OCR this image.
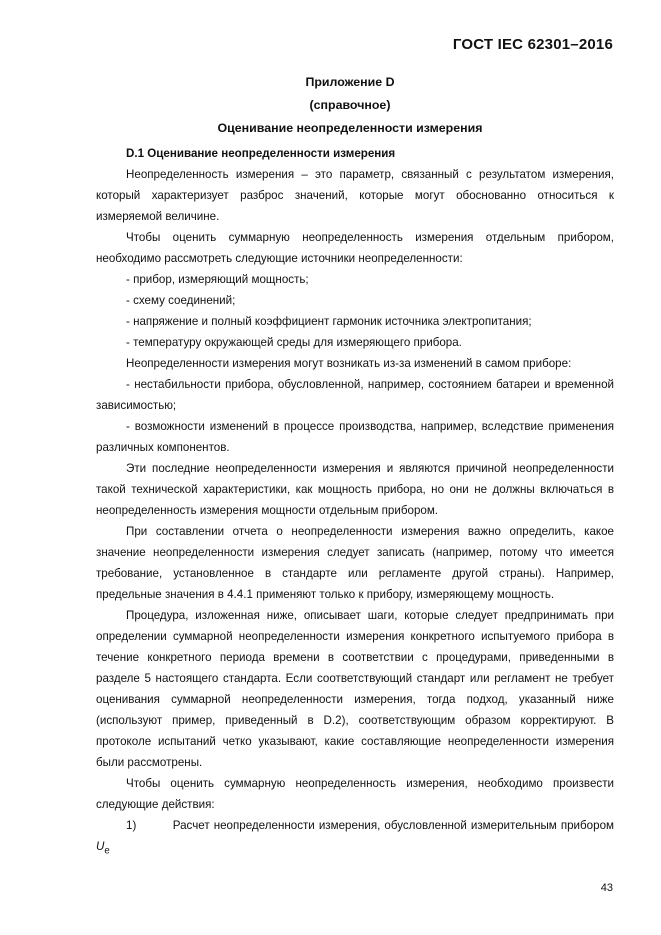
ГОСТ IEC 62301–2016
Приложение D
(справочное)
Оценивание неопределенности измерения

D.1 Оценивание неопределенности измерения

Неопределенность измерения – это параметр, связанный с результатом измерения, который характеризует разброс значений, которые могут обоснованно относиться к измеряемой величине.

Чтобы оценить суммарную неопределенность измерения отдельным прибором, необходимо рассмотреть следующие источники неопределенности:

- прибор, измеряющий мощность;

- схему соединений;

- напряжение и полный коэффициент гармоник источника электропитания;

- температуру окружающей среды для измеряющего прибора.

Неопределенности измерения могут возникать из-за изменений в самом приборе:

- нестабильности прибора, обусловленной, например, состоянием батареи и временной зависимостью;

- возможности изменений в процессе производства, например, вследствие применения различных компонентов.

Эти последние неопределенности измерения и являются причиной неопределенности такой технической характеристики, как мощность прибора, но они не должны включаться в неопределенность измерения мощности отдельным прибором.

При составлении отчета о неопределенности измерения важно определить, какое значение неопределенности измерения следует записать (например, потому что имеется требование, установленное в стандарте или регламенте другой страны). Например, предельные значения в 4.4.1 применяют только к прибору, измеряющему мощность.

Процедура, изложенная ниже, описывает шаги, которые следует предпринимать при определении суммарной неопределенности измерения конкретного испытуемого прибора в течение конкретного периода времени в соответствии с процедурами, приведенными в разделе 5 настоящего стандарта. Если соответствующий стандарт или регламент не требует оценивания суммарной неопределенности измерения, тогда подход, указанный ниже (используют пример, приведенный в D.2), соответствующим образом корректируют. В протоколе испытаний четко указывают, какие составляющие неопределенности измерения были рассмотрены.

Чтобы оценить суммарную неопределенность измерения, необходимо произвести следующие действия:

1)	Расчет неопределенности измерения, обусловленной измерительным прибором $U_e$

43
